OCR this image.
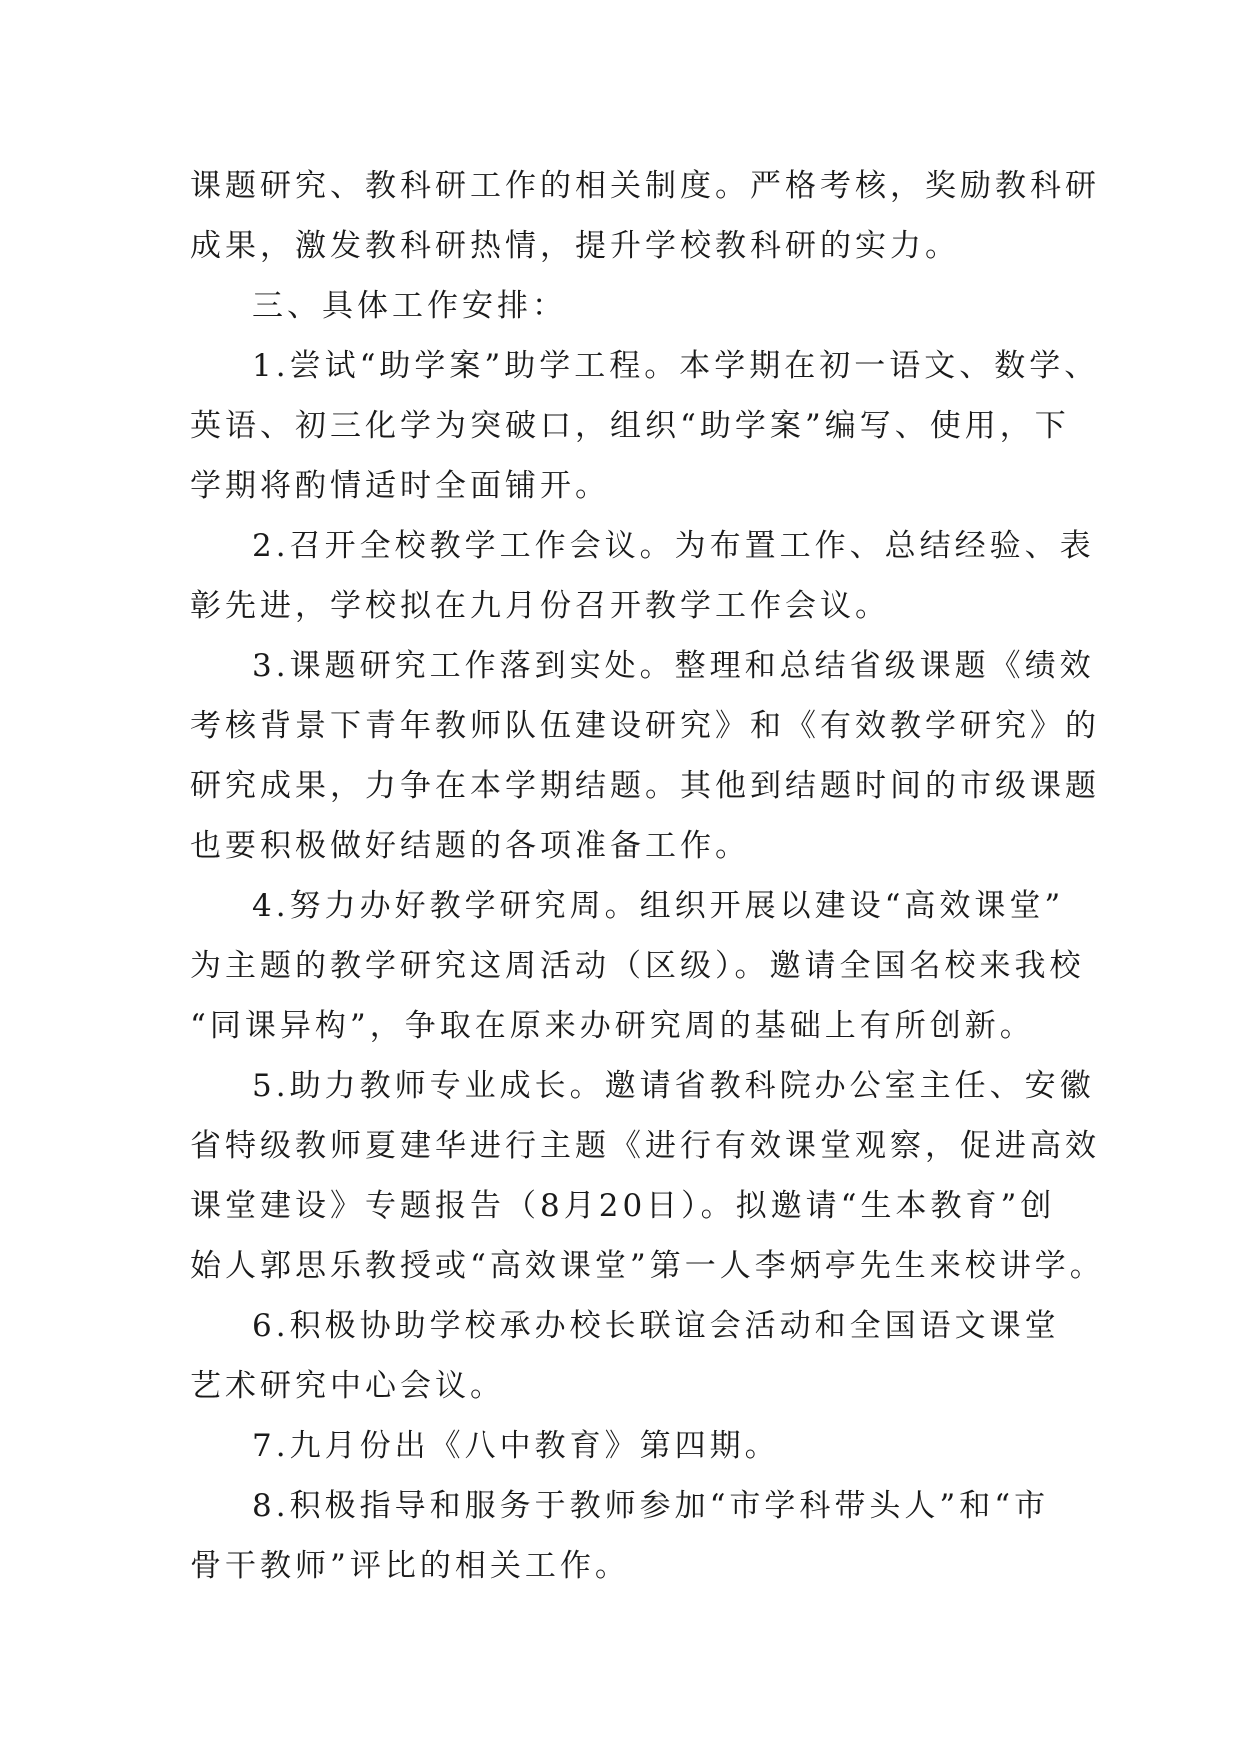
课题研究、教科研工作的相关制度。严格考核，奖励教科研
成果，激发教科研热情，提升学校教科研的实力。
三、具体工作安排：
1.尝试“助学案”助学工程。本学期在初一语文、数学、
英语、初三化学为突破口，组织“助学案”编写、使用，下
学期将酌情适时全面铺开。
2.召开全校教学工作会议。为布置工作、总结经验、表
彰先进，学校拟在九月份召开教学工作会议。
3.课题研究工作落到实处。整理和总结省级课题《绩效
考核背景下青年教师队伍建设研究》和《有效教学研究》的
研究成果，力争在本学期结题。其他到结题时间的市级课题
也要积极做好结题的各项准备工作。
4.努力办好教学研究周。组织开展以建设“高效课堂”
为主题的教学研究这周活动（区级）。邀请全国名校来我校
“同课异构”，争取在原来办研究周的基础上有所创新。
5.助力教师专业成长。邀请省教科院办公室主任、安徽
省特级教师夏建华进行主题《进行有效课堂观察，促进高效
课堂建设》专题报告（8月20日）。拟邀请“生本教育”创
始人郭思乐教授或“高效课堂”第一人李炳亭先生来校讲学。
6.积极协助学校承办校长联谊会活动和全国语文课堂
艺术研究中心会议。
7.九月份出《八中教育》第四期。
8.积极指导和服务于教师参加“市学科带头人”和“市
骨干教师”评比的相关工作。
